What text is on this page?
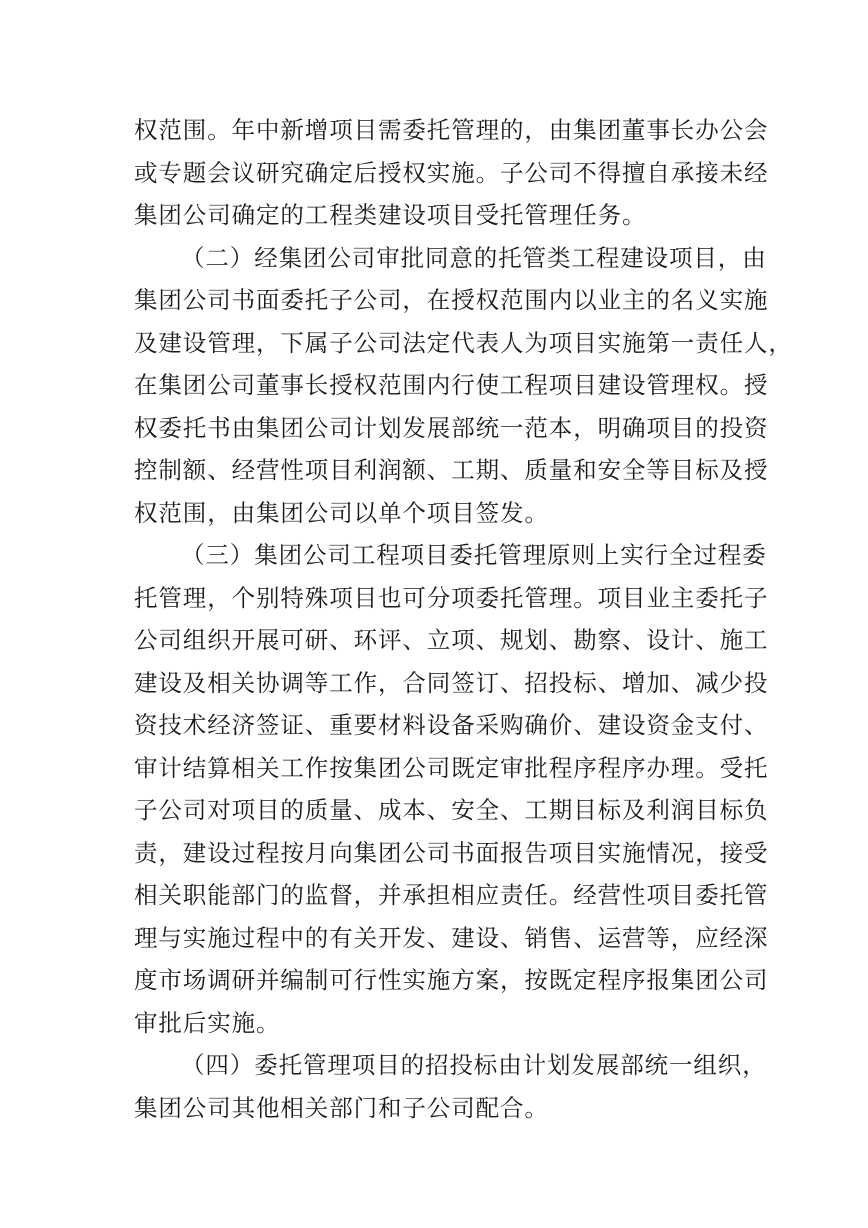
权范围。年中新增项目需委托管理的，由集团董事长办公会
或专题会议研究确定后授权实施。子公司不得擅自承接未经
集团公司确定的工程类建设项目受托管理任务。
（二）经集团公司审批同意的托管类工程建设项目，由
集团公司书面委托子公司，在授权范围内以业主的名义实施
及建设管理，下属子公司法定代表人为项目实施第一责任人，
在集团公司董事长授权范围内行使工程项目建设管理权。授
权委托书由集团公司计划发展部统一范本，明确项目的投资
控制额、经营性项目利润额、工期、质量和安全等目标及授
权范围，由集团公司以单个项目签发。
（三）集团公司工程项目委托管理原则上实行全过程委
托管理，个别特殊项目也可分项委托管理。项目业主委托子
公司组织开展可研、环评、立项、规划、勘察、设计、施工
建设及相关协调等工作，合同签订、招投标、增加、减少投
资技术经济签证、重要材料设备采购确价、建设资金支付、
审计结算相关工作按集团公司既定审批程序程序办理。受托
子公司对项目的质量、成本、安全、工期目标及利润目标负
责，建设过程按月向集团公司书面报告项目实施情况，接受
相关职能部门的监督，并承担相应责任。经营性项目委托管
理与实施过程中的有关开发、建设、销售、运营等，应经深
度市场调研并编制可行性实施方案，按既定程序报集团公司
审批后实施。
（四）委托管理项目的招投标由计划发展部统一组织，
集团公司其他相关部门和子公司配合。
